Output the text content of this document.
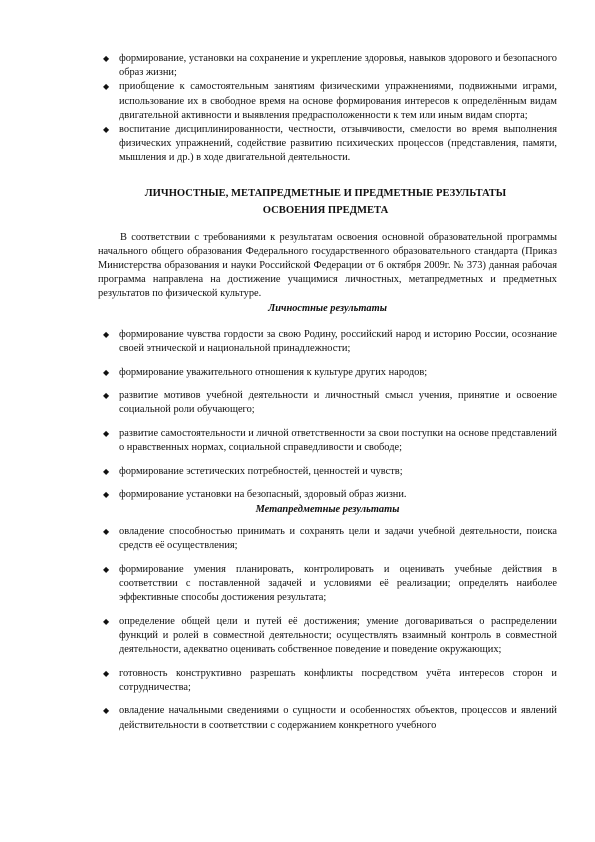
◆ формирование, установки на сохранение и укрепление здоровья, навыков здорового и безопасного образ жизни;
◆ приобщение к самостоятельным занятиям физическими упражнениями, подвижными играми, использование их в свободное время на основе формирования интересов к определённым видам двигательной активности и выявления предрасположенности к тем или иным видам спорта;
◆ воспитание дисциплинированности, честности, отзывчивости, смелости во время выполнения физических упражнений, содействие развитию психических процессов (представления, памяти, мышления и др.) в ходе двигательной деятельности.
ЛИЧНОСТНЫЕ, МЕТАПРЕДМЕТНЫЕ И ПРЕДМЕТНЫЕ РЕЗУЛЬТАТЫ
ОСВОЕНИЯ ПРЕДМЕТА

В соответствии с требованиями к результатам освоения основной образовательной программы начального общего образования Федерального государственного образовательного стандарта (Приказ Министерства образования и науки Российской Федерации от 6 октября 2009г. № 373) данная рабочая программа направлена на достижение учащимися личностных, метапредметных и предметных результатов по физической культуре.

Личностные результаты
◆ формирование чувства гордости за свою Родину, российский народ и историю России, осознание своей этнической и национальной принадлежности;
◆ формирование уважительного отношения к культуре других народов;
◆ развитие мотивов учебной деятельности и личностный смысл учения, принятие и освоение социальной роли обучающего;
◆ развитие самостоятельности и личной ответственности за свои поступки на основе представлений о нравственных нормах, социальной справедливости и свободе;
◆ формирование эстетических потребностей, ценностей и чувств;
◆ формирование установки на безопасный, здоровый образ жизни.
Метапредметные результаты
◆ овладение способностью принимать и сохранять цели и задачи учебной деятельности, поиска средств её осуществления;
◆ формирование умения планировать, контролировать и оценивать учебные действия в соответствии с поставленной задачей и условиями её реализации; определять наиболее эффективные способы достижения результата;
◆ определение общей цели и путей её достижения; умение договариваться о распределении функций и ролей в совместной деятельности; осуществлять взаимный контроль в совместной деятельности, адекватно оценивать собственное поведение и поведение окружающих;
◆ готовность конструктивно разрешать конфликты посредством учёта интересов сторон и сотрудничества;
◆ овладение начальными сведениями о сущности и особенностях объектов, процессов и явлений действительности в соответствии с содержанием конкретного учебного
